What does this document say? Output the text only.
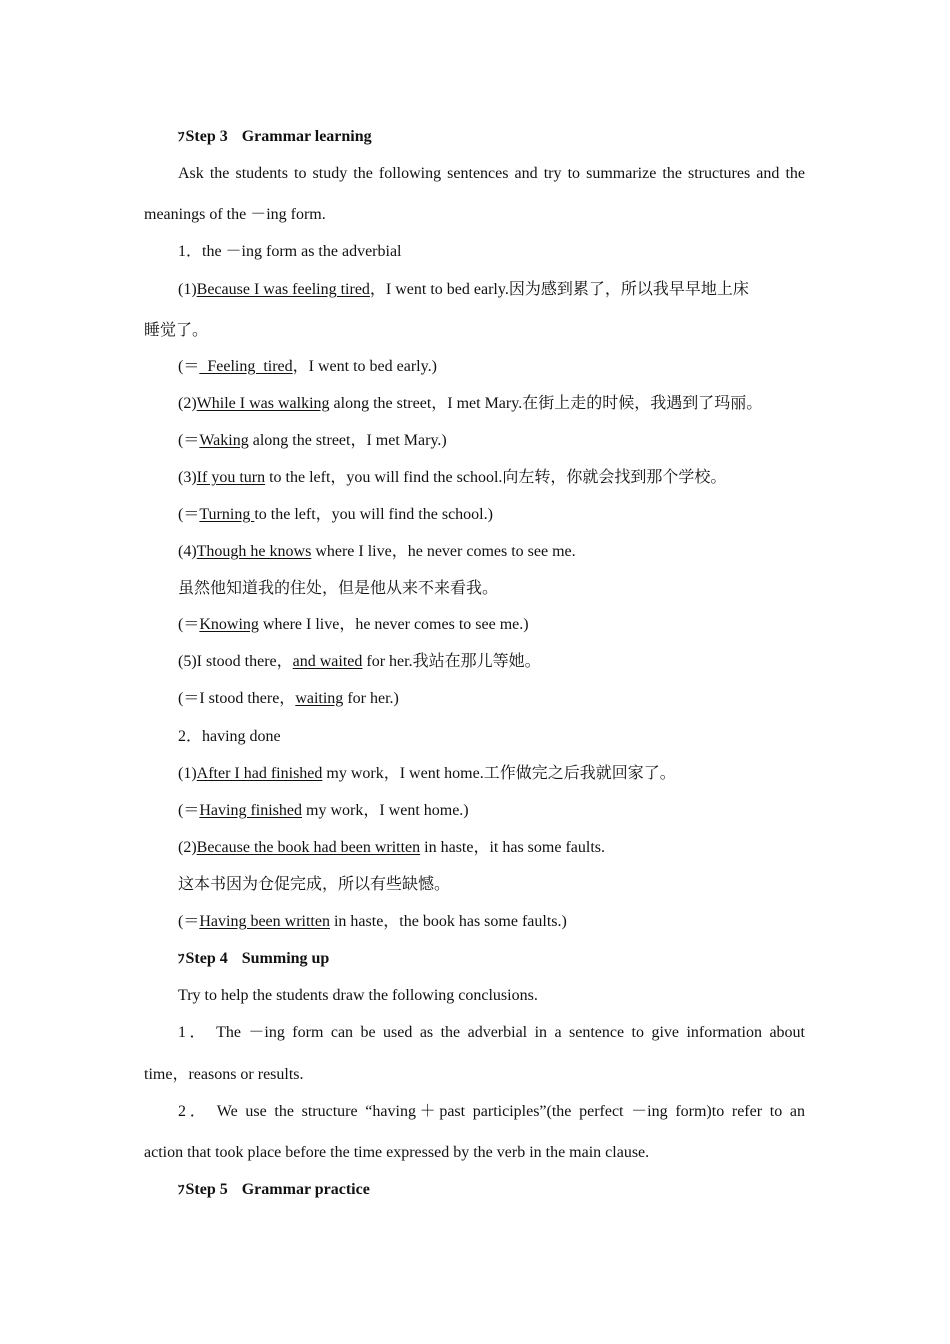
ﾌStep 3 Grammar learning
Ask the students to study the following sentences and try to summarize the structures and the
meanings of the －ing form.
1．the －ing form as the adverbial
(1)Because I was feeling tired，I went to bed early.因为感到累了，所以我早早地上床
睡觉了。
(＝  Feeling  tired，I went to bed early.)
(2)While I was walking along the street，I met Mary.在街上走的时候，我遇到了玛丽。
(＝Waking along the street，I met Mary.)
(3)If you turn to the left，you will find the school.向左转，你就会找到那个学校。
(＝Turning to the left，you will find the school.)
(4)Though he knows where I live，he never comes to see me.
虽然他知道我的住处，但是他从来不来看我。
(＝Knowing where I live，he never comes to see me.)
(5)I stood there，and waited for her.我站在那儿等她。
(＝I stood there，waiting for her.)
2．having done
(1)After I had finished my work，I went home.工作做完之后我就回家了。
(＝Having finished my work，I went home.)
(2)Because the book had been written in haste，it has some faults.
这本书因为仓促完成，所以有些缺憾。
(＝Having been written in haste，the book has some faults.)
ﾌStep 4 Summing up
Try to help the students draw the following conclusions.
1． The －ing form can be used as the adverbial in a sentence to give information about
time，reasons or results.
2． We use the structure “having＋past participles”(the perfect －ing form)to refer to an
action that took place before the time expressed by the verb in the main clause.
ﾌStep 5 Grammar practice
